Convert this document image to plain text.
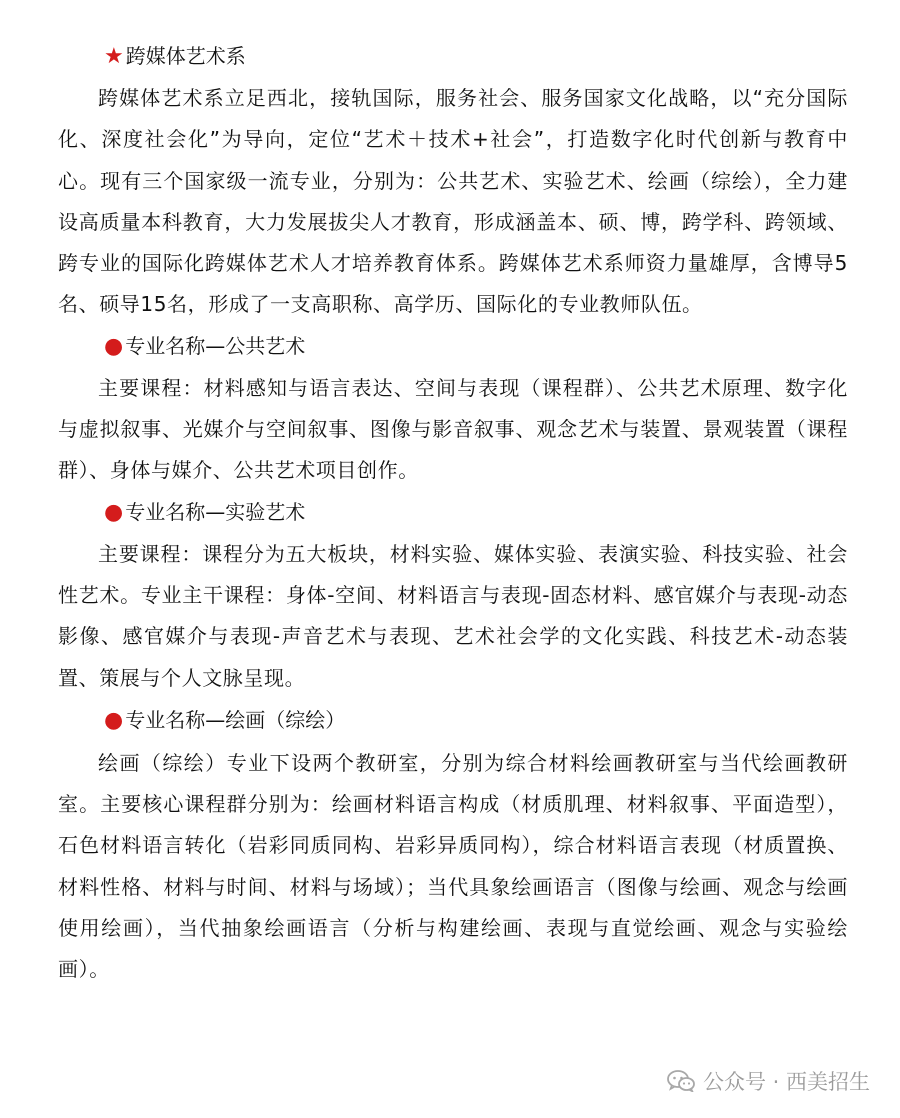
★ 跨媒体艺术系

跨媒体艺术系立足西北，接轨国际，服务社会、服务国家文化战略，以“充分国际化、深度社会化”为导向，定位“艺术＋技术+社会”，打造数字化时代创新与教育中心。现有三个国家级一流专业，分别为：公共艺术、实验艺术、绘画（综绘），全力建设高质量本科教育，大力发展拔尖人才教育，形成涵盖本、硕、博，跨学科、跨领域、跨专业的国际化跨媒体艺术人才培养教育体系。跨媒体艺术系师资力量雄厚，含博导5名、硕导15名，形成了一支高职称、高学历、国际化的专业教师队伍。

● 专业名称—公共艺术

主要课程：材料感知与语言表达、空间与表现（课程群）、公共艺术原理、数字化与虚拟叙事、光媒介与空间叙事、图像与影音叙事、观念艺术与装置、景观装置（课程群）、身体与媒介、公共艺术项目创作。

● 专业名称—实验艺术

主要课程：课程分为五大板块，材料实验、媒体实验、表演实验、科技实验、社会性艺术。专业主干课程：身体-空间、材料语言与表现-固态材料、感官媒介与表现-动态影像、感官媒介与表现-声音艺术与表现、艺术社会学的文化实践、科技艺术-动态装置、策展与个人文脉呈现。

● 专业名称—绘画（综绘）

绘画（综绘）专业下设两个教研室，分别为综合材料绘画教研室与当代绘画教研室。主要核心课程群分别为：绘画材料语言构成（材质肌理、材料叙事、平面造型），石色材料语言转化（岩彩同质同构、岩彩异质同构），综合材料语言表现（材质置换、材料性格、材料与时间、材料与场域）；当代具象绘画语言（图像与绘画、观念与绘画使用绘画），当代抽象绘画语言（分析与构建绘画、表现与直觉绘画、观念与实验绘画）。

公众号 · 西美招生
